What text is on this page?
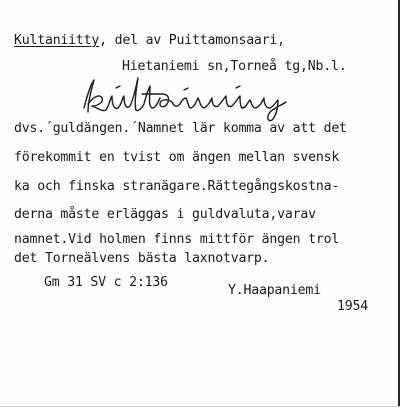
Kultaniitty, del av Puittamonsaari,
Hietaniemi sn,Torneå tg,Nb.l.
dvs.´guldängen.´Namnet lär komma av att det
förekommit en tvist om ängen mellan svensk
ka och finska stranägare.Rättegångskostna-
derna måste erläggas i guldvaluta,varav
namnet.Vid holmen finns mittför ängen trol
det Torneälvens bästa laxnotvarp.
Gm 31 SV c 2:136
Y.Haapaniemi
1954
